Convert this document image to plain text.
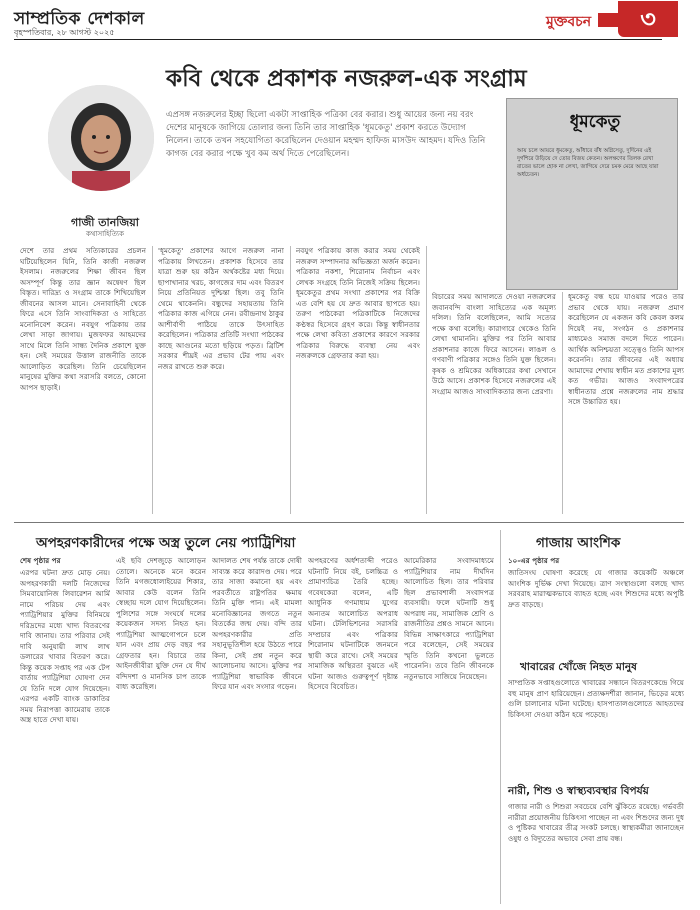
সাম্প্রতিক দেশকাল
বৃহস্পতিবার, ২৮ আগস্ট ২০২৫
মুক্তবচন	৩
গাজী তানজিয়া
কথাসাহিত্যিক
কবি থেকে প্রকাশক নজরুল-এক সংগ্রাম
এপ্রসঙ্গ নজরুলের ইচ্ছা ছিলো একটা সাপ্তাহিক পত্রিকা বের করার। শুধু আয়ের জন্য নয় বরং দেশের মানুষকে জাগিয়ে তোলার জন্য তিনি তার সাপ্তাহিক 'ধূমকেতু' প্রকাশ করতে উদ্যোগ নিলেন। তাকে তখন সহযোগিতা করেছিলেন দেওয়ান মহম্মদ হাফিজ মাসউদ আহমদ। যদিও তিনি কাগজ বের করার পক্ষে খুব কম অর্থ দিতে পেরেছিলেন।
ধূমকেতু
আয় চলে আয়রে ধূমকেতু, আঁধারে বাঁধ অগ্নিসেতু, দুর্দিনের এই দুর্গশিরে উড়িয়ে দে তোর বিজয় কেতন। অলক্ষণের তিলক রেখা রাতের ভালে হোক না লেখা, জাগিয়ে দেরে চমক মেরে আছে যারা অর্ধচেতন।
দেশে তার প্রথম সত্যিকারের প্রচলন ঘটিয়েছিলেন যিনি, তিনি কাজী নজরুল ইসলাম। নজরুলের শিক্ষা জীবন ছিল অসম্পূর্ণ কিন্তু তার জ্ঞান অন্বেষণ ছিল বিস্তৃত। দারিদ্র্য ও সংগ্রাম তাকে শিখিয়েছিল জীবনের আসল মানে। সেনাবাহিনী থেকে ফিরে এসে তিনি সাংবাদিকতা ও সাহিত্যে মনোনিবেশ করেন। নবযুগ পত্রিকায় তার লেখা সাড়া জাগায়। মুজফফর আহমদের সাথে মিলে তিনি সান্ধ্য দৈনিক প্রকাশে যুক্ত হন। সেই সময়ের উত্তাল রাজনীতি তাকে আলোড়িত করেছিল। তিনি চেয়েছিলেন মানুষের মুক্তির কথা সরাসরি বলতে, কোনো আপস ছাড়াই।
'ধূমকেতু' প্রকাশের আগে নজরুল নানা পত্রিকায় লিখতেন। প্রকাশক হিসেবে তার যাত্রা শুরু হয় কঠিন অর্থকষ্টের মধ্য দিয়ে। ছাপাখানার খরচ, কাগজের দাম এবং বিতরণ নিয়ে প্রতিনিয়ত দুশ্চিন্তা ছিল। তবু তিনি থেমে থাকেননি। বন্ধুদের সহায়তায় তিনি পত্রিকার কাজ এগিয়ে নেন। রবীন্দ্রনাথ ঠাকুর আশীর্বাণী পাঠিয়ে তাকে উৎসাহিত করেছিলেন। পত্রিকার প্রতিটি সংখ্যা পাঠকের কাছে আগুনের মতো ছড়িয়ে পড়ত। ব্রিটিশ সরকার শীঘ্রই এর প্রভাব টের পায় এবং নজর রাখতে শুরু করে।
নবযুগ পত্রিকায় কাজ করার সময় থেকেই নজরুল সম্পাদনার অভিজ্ঞতা অর্জন করেন। পত্রিকার নকশা, শিরোনাম নির্বাচন এবং লেখক সংগ্রহে তিনি নিজেই সক্রিয় ছিলেন। ধূমকেতুর প্রথম সংখ্যা প্রকাশের পর বিক্রি এত বেশি হয় যে দ্রুত আবার ছাপতে হয়। তরুণ পাঠকেরা পত্রিকাটিকে নিজেদের কণ্ঠস্বর হিসেবে গ্রহণ করে। কিন্তু স্বাধীনতার পক্ষে লেখা কবিতা প্রকাশের কারণে সরকার পত্রিকার বিরুদ্ধে ব্যবস্থা নেয় এবং নজরুলকে গ্রেফতার করা হয়।
বিচারের সময় আদালতে দেওয়া নজরুলের জবানবন্দি বাংলা সাহিত্যের এক অমূল্য দলিল। তিনি বলেছিলেন, আমি সত্যের পক্ষে কথা বলেছি। কারাগারে থেকেও তিনি লেখা থামাননি। মুক্তির পর তিনি আবার প্রকাশনার কাজে ফিরে আসেন। লাঙল ও গণবাণী পত্রিকার সঙ্গেও তিনি যুক্ত ছিলেন। কৃষক ও শ্রমিকের অধিকারের কথা সেখানে উঠে আসে। প্রকাশক হিসেবে নজরুলের এই সংগ্রাম আজও সাংবাদিকতার জন্য প্রেরণা।
ধূমকেতু বন্ধ হয়ে যাওয়ার পরেও তার প্রভাব থেকে যায়। নজরুল প্রমাণ করেছিলেন যে একজন কবি কেবল কলম দিয়েই নয়, সংগঠন ও প্রকাশনার মাধ্যমেও সমাজ বদলে দিতে পারেন। আর্থিক অনিশ্চয়তা সত্ত্বেও তিনি আপস করেননি। তার জীবনের এই অধ্যায় আমাদের শেখায় স্বাধীন মত প্রকাশের মূল্য কত গভীর। আজও সংবাদপত্রের স্বাধীনতার প্রশ্নে নজরুলের নাম শ্রদ্ধার সঙ্গে উচ্চারিত হয়।
অপহরণকারীদের পক্ষে অস্ত্র তুলে নেয় প্যাট্রিশিয়া
শেষ পৃষ্ঠার পর
এরপর ঘটনা দ্রুত মোড় নেয়। অপহরণকারী দলটি নিজেদের সিমবায়োনিজ লিবারেশন আর্মি নামে পরিচয় দেয় এবং প্যাট্রিশিয়ার মুক্তির বিনিময়ে দরিদ্রদের মধ্যে খাদ্য বিতরণের দাবি জানায়। তার পরিবার সেই দাবি অনুযায়ী লাখ লাখ ডলারের খাবার বিতরণ করে। কিন্তু কয়েক সপ্তাহ পর এক টেপ বার্তায় প্যাট্রিশিয়া ঘোষণা দেন যে তিনি দলে যোগ দিয়েছেন। এরপর একটি ব্যাংক ডাকাতির সময় নিরাপত্তা ক্যামেরায় তাকে অস্ত্র হাতে দেখা যায়।
এই ছবি দেশজুড়ে আলোড়ন তোলে। অনেকে মনে করেন তিনি মগজধোলাইয়ের শিকার, আবার কেউ বলেন তিনি স্বেচ্ছায় দলে যোগ দিয়েছিলেন। পুলিশের সঙ্গে সংঘর্ষে দলের কয়েকজন সদস্য নিহত হন। প্যাট্রিশিয়া আত্মগোপনে চলে যান এবং প্রায় দেড় বছর পর গ্রেফতার হন। বিচারে তার আইনজীবীরা যুক্তি দেন যে দীর্ঘ বন্দিদশা ও মানসিক চাপ তাকে বাধ্য করেছিল।
আদালত শেষ পর্যন্ত তাকে দোষী সাব্যস্ত করে কারাদণ্ড দেয়। পরে তার সাজা কমানো হয় এবং পরবর্তীতে রাষ্ট্রপতির ক্ষমায় তিনি মুক্তি পান। এই মামলা মনোবিজ্ঞানের জগতে নতুন বিতর্কের জন্ম দেয়। বন্দি তার অপহরণকারীর প্রতি সহানুভূতিশীল হয়ে উঠতে পারে কিনা, সেই প্রশ্ন নতুন করে আলোচনায় আসে। মুক্তির পর প্যাট্রিশিয়া স্বাভাবিক জীবনে ফিরে যান এবং সংসার গড়েন।
অপহরণের অর্ধশতাব্দী পরেও ঘটনাটি নিয়ে বই, চলচ্চিত্র ও প্রামাণ্যচিত্র তৈরি হচ্ছে। গবেষকেরা বলেন, এটি আধুনিক গণমাধ্যম যুগের অন্যতম আলোচিত অপরাধ ঘটনা। টেলিভিশনের সরাসরি সম্প্রচার এবং পত্রিকার শিরোনাম ঘটনাটিকে জনমনে স্থায়ী করে রাখে। সেই সময়ের সামাজিক অস্থিরতা বুঝতে এই ঘটনা আজও গুরুত্বপূর্ণ দৃষ্টান্ত হিসেবে বিবেচিত।
আমেরিকার সংবাদমাধ্যমে প্যাট্রিশিয়ার নাম দীর্ঘদিন আলোচিত ছিল। তার পরিবার ছিল প্রভাবশালী সংবাদপত্র ব্যবসায়ী। ফলে ঘটনাটি শুধু অপরাধ নয়, সামাজিক শ্রেণি ও রাজনীতির প্রশ্নও সামনে আনে। বিভিন্ন সাক্ষাৎকারে প্যাট্রিশিয়া পরে বলেছেন, সেই সময়ের স্মৃতি তিনি কখনো ভুলতে পারেননি। তবে তিনি জীবনকে নতুনভাবে সাজিয়ে নিয়েছেন।
গাজায় আংশিক
১০-এর পৃষ্ঠার পর
জাতিসংঘ ঘোষণা করেছে যে গাজার কয়েকটি অঞ্চলে আংশিক দুর্ভিক্ষ দেখা দিয়েছে। ত্রাণ সংস্থাগুলো বলছে খাদ্য সরবরাহ মারাত্মকভাবে ব্যাহত হচ্ছে এবং শিশুদের মধ্যে অপুষ্টি দ্রুত বাড়ছে।
খাবারের খোঁজে নিহত মানুষ
সাম্প্রতিক সপ্তাহগুলোতে খাবারের সন্ধানে বিতরণকেন্দ্রে গিয়ে বহু মানুষ প্রাণ হারিয়েছেন। প্রত্যক্ষদর্শীরা জানান, ভিড়ের মধ্যে গুলি চালানোর ঘটনা ঘটেছে। হাসপাতালগুলোতে আহতদের চিকিৎসা দেওয়া কঠিন হয়ে পড়েছে।
নারী, শিশু ও স্বাস্থ্যব্যবস্থার বিপর্যয়
গাজার নারী ও শিশুরা সবচেয়ে বেশি ঝুঁকিতে রয়েছে। গর্ভবতী নারীরা প্রয়োজনীয় চিকিৎসা পাচ্ছেন না এবং শিশুদের জন্য দুধ ও পুষ্টিকর খাবারের তীব্র সংকট চলছে। স্বাস্থ্যকর্মীরা জানাচ্ছেন ওষুধ ও বিদ্যুতের অভাবে সেবা প্রায় বন্ধ।
